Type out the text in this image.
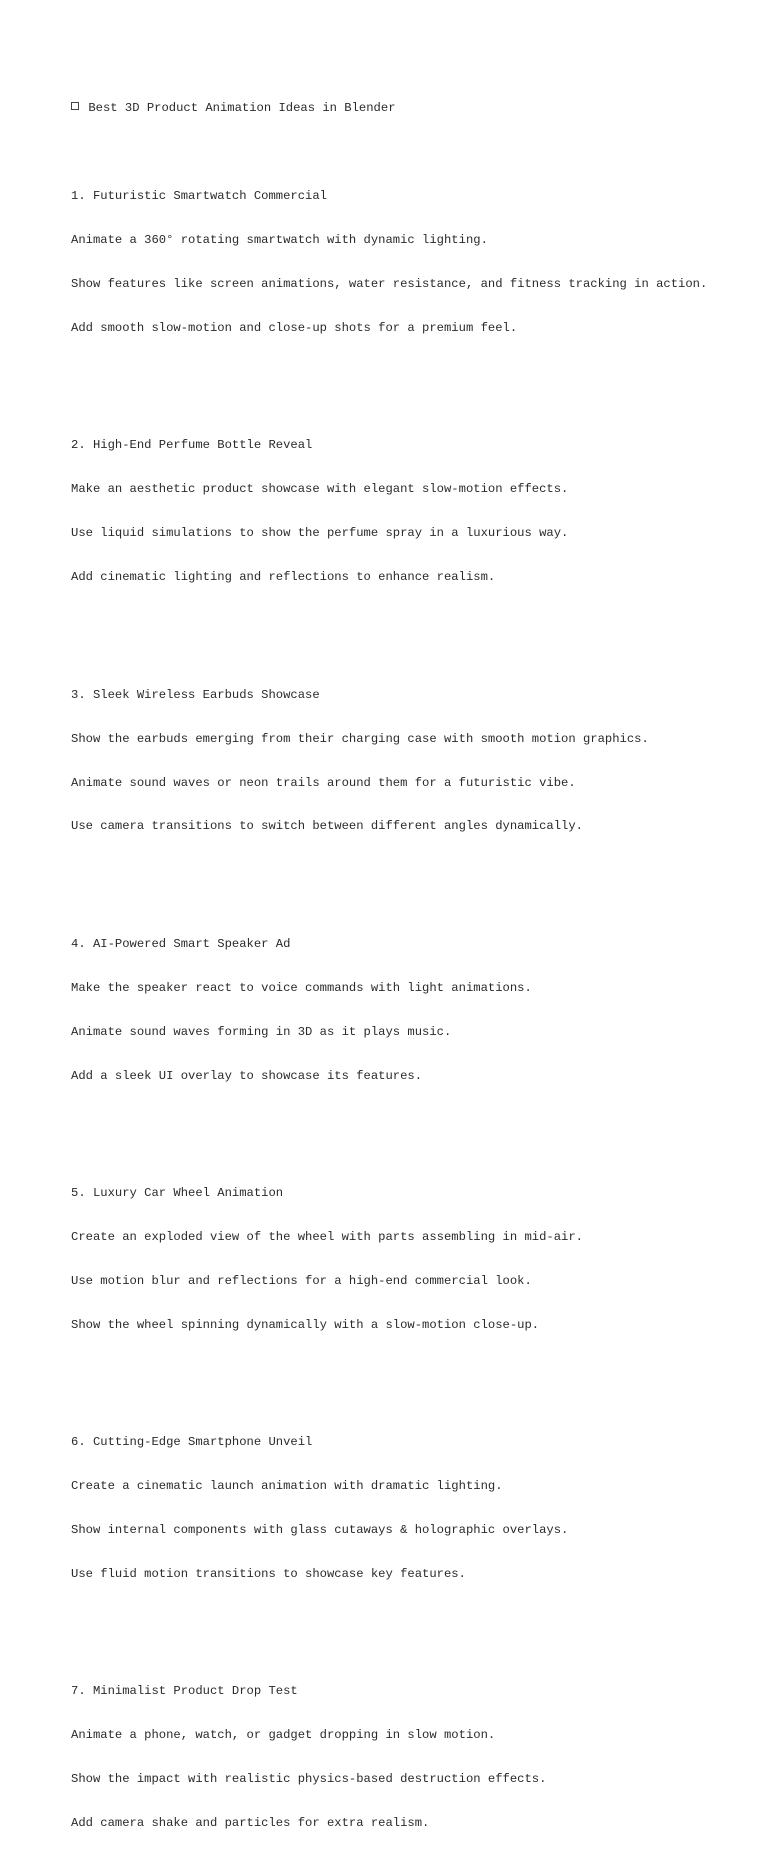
Best 3D Product Animation Ideas in Blender

1. Futuristic Smartwatch Commercial

Animate a 360° rotating smartwatch with dynamic lighting.

Show features like screen animations, water resistance, and fitness tracking in action.

Add smooth slow-motion and close-up shots for a premium feel.

2. High-End Perfume Bottle Reveal

Make an aesthetic product showcase with elegant slow-motion effects.

Use liquid simulations to show the perfume spray in a luxurious way.

Add cinematic lighting and reflections to enhance realism.

3. Sleek Wireless Earbuds Showcase

Show the earbuds emerging from their charging case with smooth motion graphics.

Animate sound waves or neon trails around them for a futuristic vibe.

Use camera transitions to switch between different angles dynamically.

4. AI-Powered Smart Speaker Ad

Make the speaker react to voice commands with light animations.

Animate sound waves forming in 3D as it plays music.

Add a sleek UI overlay to showcase its features.

5. Luxury Car Wheel Animation

Create an exploded view of the wheel with parts assembling in mid-air.

Use motion blur and reflections for a high-end commercial look.

Show the wheel spinning dynamically with a slow-motion close-up.

6. Cutting-Edge Smartphone Unveil

Create a cinematic launch animation with dramatic lighting.

Show internal components with glass cutaways & holographic overlays.

Use fluid motion transitions to showcase key features.

7. Minimalist Product Drop Test

Animate a phone, watch, or gadget dropping in slow motion.

Show the impact with realistic physics-based destruction effects.

Add camera shake and particles for extra realism.
